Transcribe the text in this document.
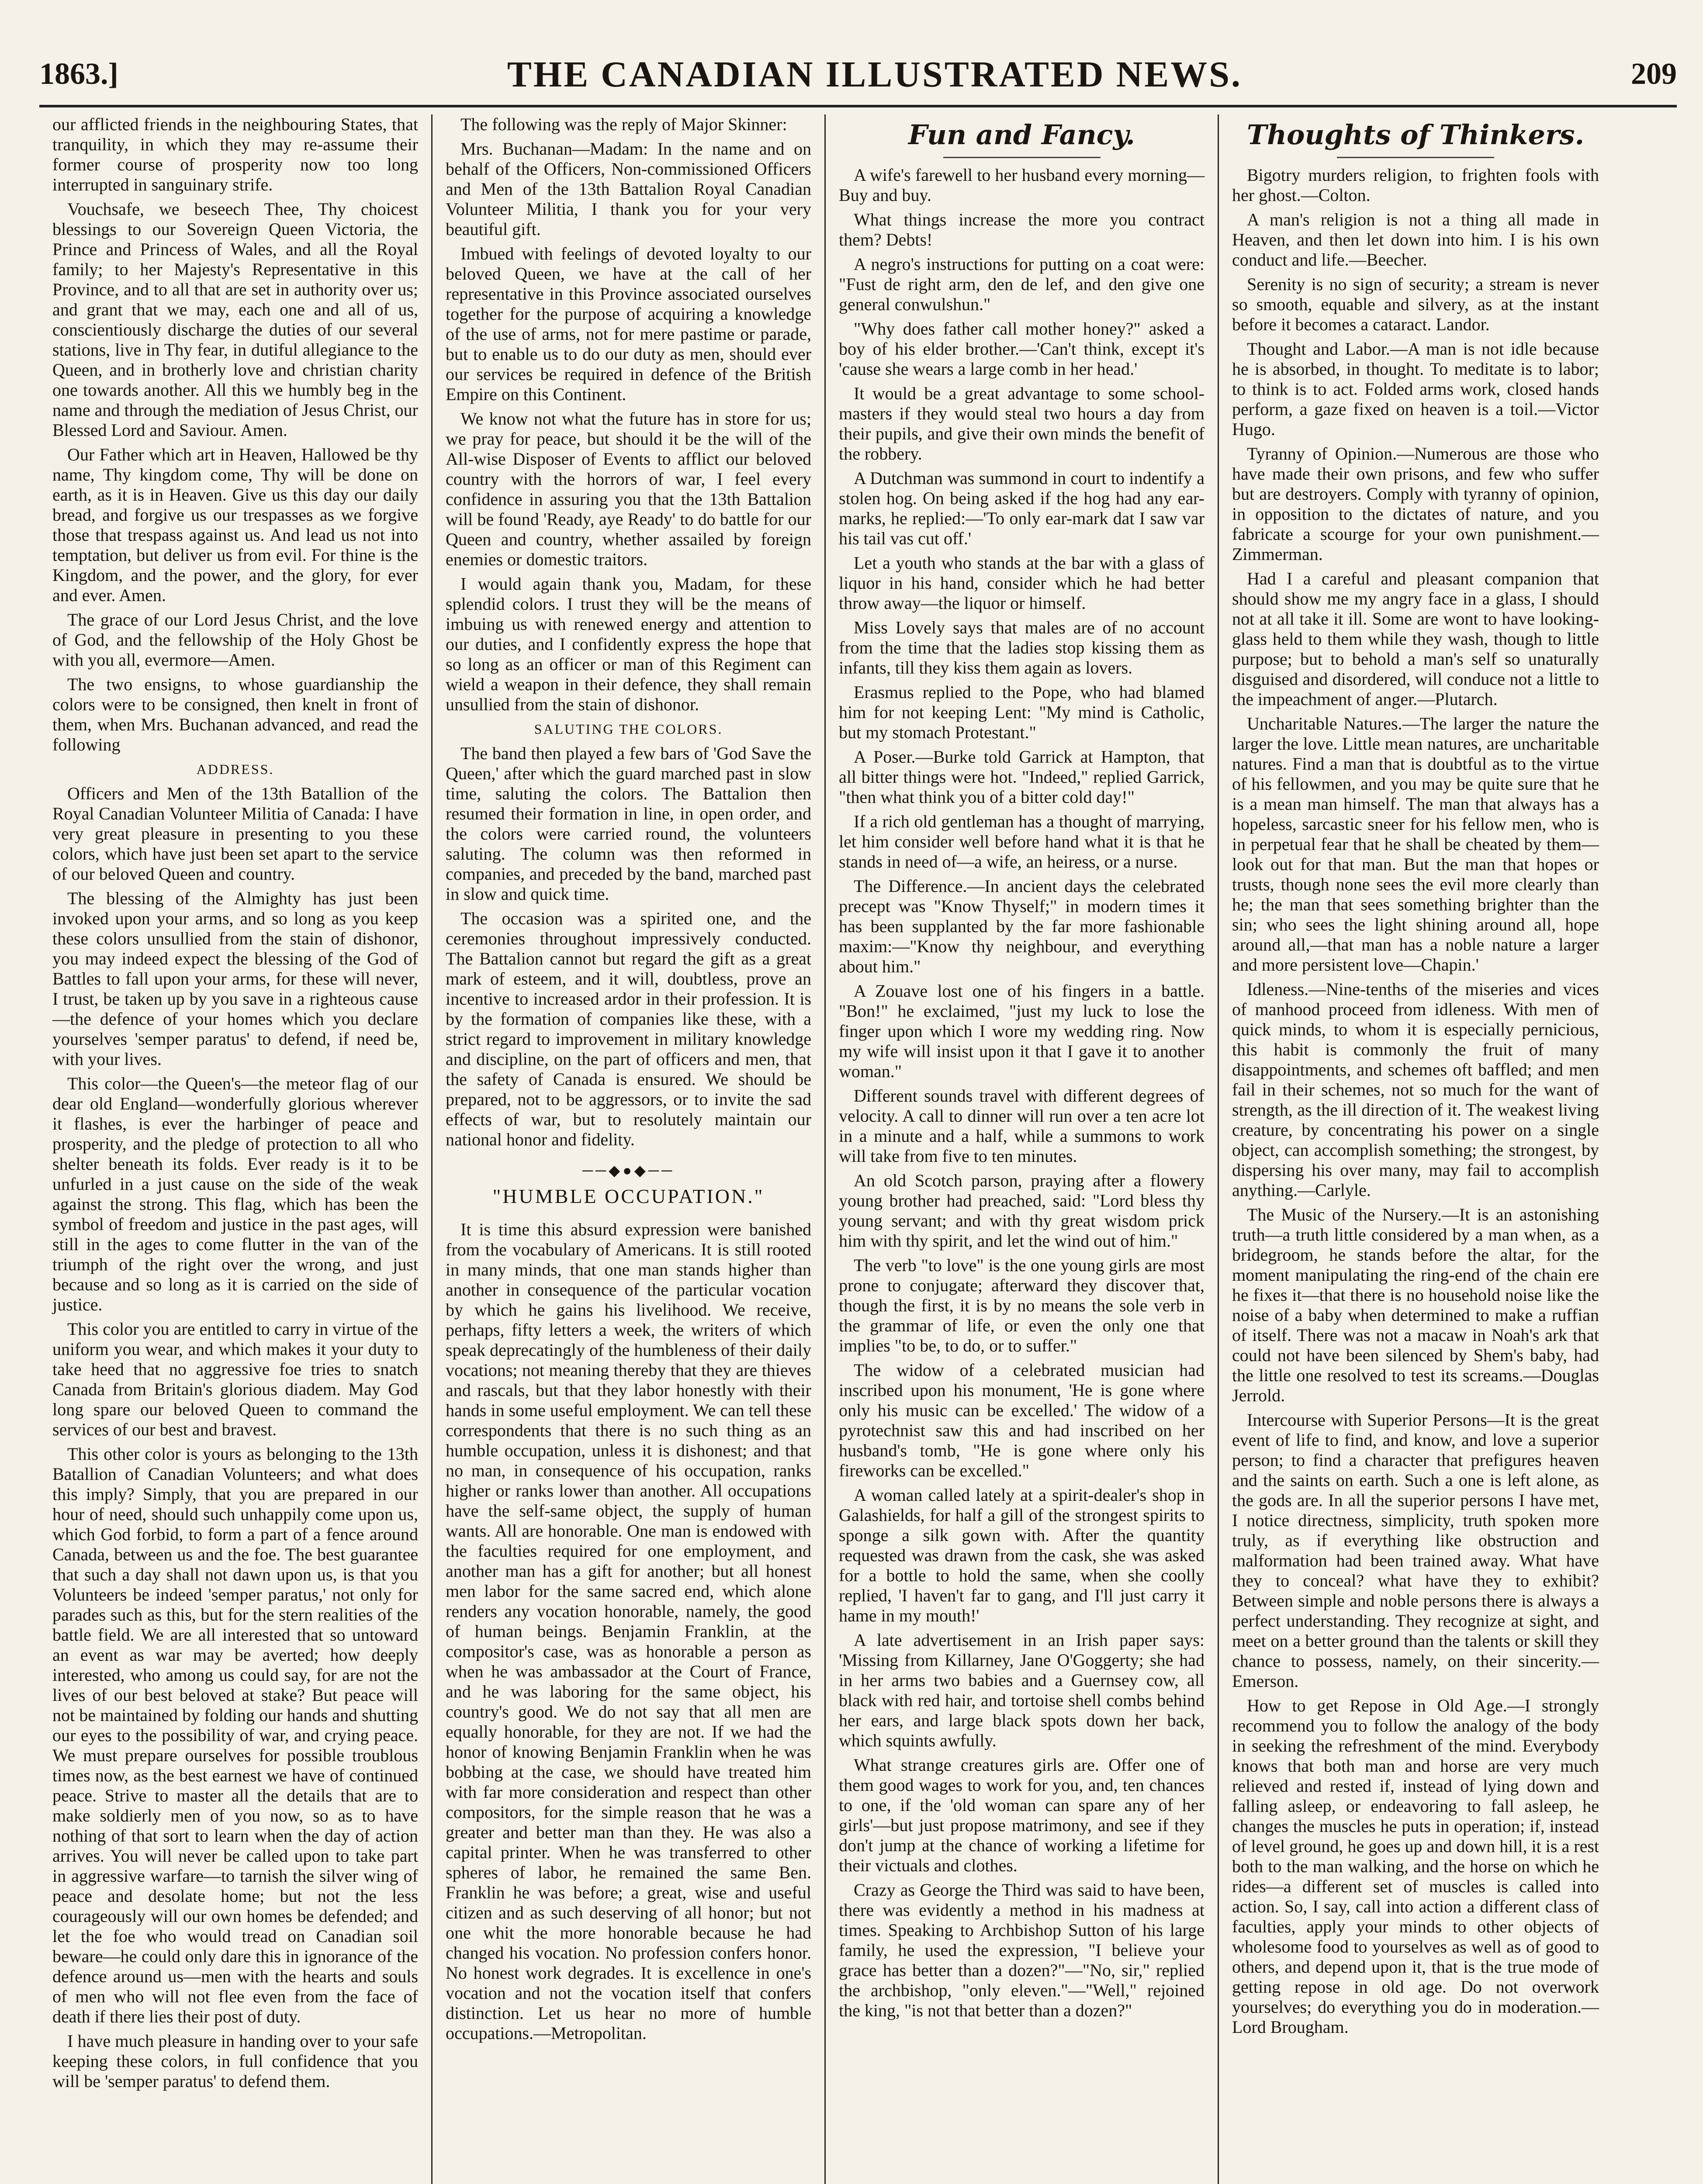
1863.]	THE CANADIAN ILLUSTRATED NEWS.	209

our afflicted friends in the neighbouring States, that tranquility, in which they may re-assume their former course of prosperity now too long interrupted in sanguinary strife.

Vouchsafe, we beseech Thee, Thy choicest blessings to our Sovereign Queen Victoria, the Prince and Princess of Wales, and all the Royal family; to her Majesty's Representative in this Province, and to all that are set in authority over us; and grant that we may, each one and all of us, conscientiously discharge the duties of our several stations, live in Thy fear, in dutiful allegiance to the Queen, and in brotherly love and christian charity one towards another. All this we humbly beg in the name and through the mediation of Jesus Christ, our Blessed Lord and Saviour. Amen.

Our Father which art in Heaven, Hallowed be thy name, Thy kingdom come, Thy will be done on earth, as it is in Heaven. Give us this day our daily bread, and forgive us our trespasses as we forgive those that trespass against us. And lead us not into temptation, but deliver us from evil. For thine is the Kingdom, and the power, and the glory, for ever and ever. Amen.

The grace of our Lord Jesus Christ, and the love of God, and the fellowship of the Holy Ghost be with you all, evermore—Amen.

The two ensigns, to whose guardianship the colors were to be consigned, then knelt in front of them, when Mrs. Buchanan advanced, and read the following

ADDRESS.

Officers and Men of the 13th Batallion of the Royal Canadian Volunteer Militia of Canada: I have very great pleasure in presenting to you these colors, which have just been set apart to the service of our beloved Queen and country.

The blessing of the Almighty has just been invoked upon your arms, and so long as you keep these colors unsullied from the stain of dishonor, you may indeed expect the blessing of the God of Battles to fall upon your arms, for these will never, I trust, be taken up by you save in a righteous cause—the defence of your homes which you declare yourselves 'semper paratus' to defend, if need be, with your lives.

This color—the Queen's—the meteor flag of our dear old England—wonderfully glorious wherever it flashes, is ever the harbinger of peace and prosperity, and the pledge of protection to all who shelter beneath its folds. Ever ready is it to be unfurled in a just cause on the side of the weak against the strong. This flag, which has been the symbol of freedom and justice in the past ages, will still in the ages to come flutter in the van of the triumph of the right over the wrong, and just because and so long as it is carried on the side of justice.

This color you are entitled to carry in virtue of the uniform you wear, and which makes it your duty to take heed that no aggressive foe tries to snatch Canada from Britain's glorious diadem. May God long spare our beloved Queen to command the services of our best and bravest.

This other color is yours as belonging to the 13th Batallion of Canadian Volunteers; and what does this imply? Simply, that you are prepared in our hour of need, should such unhappily come upon us, which God forbid, to form a part of a fence around Canada, between us and the foe. The best guarantee that such a day shall not dawn upon us, is that you Volunteers be indeed 'semper paratus,' not only for parades such as this, but for the stern realities of the battle field. We are all interested that so untoward an event as war may be averted; how deeply interested, who among us could say, for are not the lives of our best beloved at stake? But peace will not be maintained by folding our hands and shutting our eyes to the possibility of war, and crying peace. We must prepare ourselves for possible troublous times now, as the best earnest we have of continued peace. Strive to master all the details that are to make soldierly men of you now, so as to have nothing of that sort to learn when the day of action arrives. You will never be called upon to take part in aggressive warfare—to tarnish the silver wing of peace and desolate home; but not the less courageously will our own homes be defended; and let the foe who would tread on Canadian soil beware—he could only dare this in ignorance of the defence around us—men with the hearts and souls of men who will not flee even from the face of death if there lies their post of duty.

I have much pleasure in handing over to your safe keeping these colors, in full confidence that you will be 'semper paratus' to defend them.

The following was the reply of Major Skinner:

Mrs. Buchanan—Madam: In the name and on behalf of the Officers, Non-commissioned Officers and Men of the 13th Battalion Royal Canadian Volunteer Militia, I thank you for your very beautiful gift.

Imbued with feelings of devoted loyalty to our beloved Queen, we have at the call of her representative in this Province associated ourselves together for the purpose of acquiring a knowledge of the use of arms, not for mere pastime or parade, but to enable us to do our duty as men, should ever our services be required in defence of the British Empire on this Continent.

We know not what the future has in store for us; we pray for peace, but should it be the will of the All-wise Disposer of Events to afflict our beloved country with the horrors of war, I feel every confidence in assuring you that the 13th Battalion will be found 'Ready, aye Ready' to do battle for our Queen and country, whether assailed by foreign enemies or domestic traitors.

I would again thank you, Madam, for these splendid colors. I trust they will be the means of imbuing us with renewed energy and attention to our duties, and I confidently express the hope that so long as an officer or man of this Regiment can wield a weapon in their defence, they shall remain unsullied from the stain of dishonor.

SALUTING THE COLORS.

The band then played a few bars of 'God Save the Queen,' after which the guard marched past in slow time, saluting the colors. The Battalion then resumed their formation in line, in open order, and the colors were carried round, the volunteers saluting. The column was then reformed in companies, and preceded by the band, marched past in slow and quick time.

The occasion was a spirited one, and the ceremonies throughout impressively conducted. The Battalion cannot but regard the gift as a great mark of esteem, and it will, doubtless, prove an incentive to increased ardor in their profession. It is by the formation of companies like these, with a strict regard to improvement in military knowledge and discipline, on the part of officers and men, that the safety of Canada is ensured. We should be prepared, not to be aggressors, or to invite the sad effects of war, but to resolutely maintain our national honor and fidelity.

──◆●◆──

"HUMBLE OCCUPATION."

It is time this absurd expression were banished from the vocabulary of Americans. It is still rooted in many minds, that one man stands higher than another in consequence of the particular vocation by which he gains his livelihood. We receive, perhaps, fifty letters a week, the writers of which speak deprecatingly of the humbleness of their daily vocations; not meaning thereby that they are thieves and rascals, but that they labor honestly with their hands in some useful employment. We can tell these correspondents that there is no such thing as an humble occupation, unless it is dishonest; and that no man, in consequence of his occupation, ranks higher or ranks lower than another. All occupations have the self-same object, the supply of human wants. All are honorable. One man is endowed with the faculties required for one employment, and another man has a gift for another; but all honest men labor for the same sacred end, which alone renders any vocation honorable, namely, the good of human beings. Benjamin Franklin, at the compositor's case, was as honorable a person as when he was ambassador at the Court of France, and he was laboring for the same object, his country's good. We do not say that all men are equally honorable, for they are not. If we had the honor of knowing Benjamin Franklin when he was bobbing at the case, we should have treated him with far more consideration and respect than other compositors, for the simple reason that he was a greater and better man than they. He was also a capital printer. When he was transferred to other spheres of labor, he remained the same Ben. Franklin he was before; a great, wise and useful citizen and as such deserving of all honor; but not one whit the more honorable because he had changed his vocation. No profession confers honor. No honest work degrades. It is excellence in one's vocation and not the vocation itself that confers distinction. Let us hear no more of humble occupations.—Metropolitan.

Fun and Fancy.

A wife's farewell to her husband every morning—Buy and buy.

What things increase the more you contract them? Debts!

A negro's instructions for putting on a coat were: "Fust de right arm, den de lef, and den give one general conwulshun."

"Why does father call mother honey?" asked a boy of his elder brother.—'Can't think, except it's 'cause she wears a large comb in her head.'

It would be a great advantage to some school-masters if they would steal two hours a day from their pupils, and give their own minds the benefit of the robbery.

A Dutchman was summond in court to indentify a stolen hog. On being asked if the hog had any ear-marks, he replied:—'To only ear-mark dat I saw var his tail vas cut off.'

Let a youth who stands at the bar with a glass of liquor in his hand, consider which he had better throw away—the liquor or himself.

Miss Lovely says that males are of no account from the time that the ladies stop kissing them as infants, till they kiss them again as lovers.

Erasmus replied to the Pope, who had blamed him for not keeping Lent: "My mind is Catholic, but my stomach Protestant."

A Poser.—Burke told Garrick at Hampton, that all bitter things were hot. "Indeed," replied Garrick, "then what think you of a bitter cold day!"

If a rich old gentleman has a thought of marrying, let him consider well before hand what it is that he stands in need of—a wife, an heiress, or a nurse.

The Difference.—In ancient days the celebrated precept was "Know Thyself;" in modern times it has been supplanted by the far more fashionable maxim:—"Know thy neighbour, and everything about him."

A Zouave lost one of his fingers in a battle. "Bon!" he exclaimed, "just my luck to lose the finger upon which I wore my wedding ring. Now my wife will insist upon it that I gave it to another woman."

Different sounds travel with different degrees of velocity. A call to dinner will run over a ten acre lot in a minute and a half, while a summons to work will take from five to ten minutes.

An old Scotch parson, praying after a flowery young brother had preached, said: "Lord bless thy young servant; and with thy great wisdom prick him with thy spirit, and let the wind out of him."

The verb "to love" is the one young girls are most prone to conjugate; afterward they discover that, though the first, it is by no means the sole verb in the grammar of life, or even the only one that implies "to be, to do, or to suffer."

The widow of a celebrated musician had inscribed upon his monument, 'He is gone where only his music can be excelled.' The widow of a pyrotechnist saw this and had inscribed on her husband's tomb, "He is gone where only his fireworks can be excelled."

A woman called lately at a spirit-dealer's shop in Galashields, for half a gill of the strongest spirits to sponge a silk gown with. After the quantity requested was drawn from the cask, she was asked for a bottle to hold the same, when she coolly replied, 'I haven't far to gang, and I'll just carry it hame in my mouth!'

A late advertisement in an Irish paper says: 'Missing from Killarney, Jane O'Goggerty; she had in her arms two babies and a Guernsey cow, all black with red hair, and tortoise shell combs behind her ears, and large black spots down her back, which squints awfully.

What strange creatures girls are. Offer one of them good wages to work for you, and, ten chances to one, if the 'old woman can spare any of her girls'—but just propose matrimony, and see if they don't jump at the chance of working a lifetime for their victuals and clothes.

Crazy as George the Third was said to have been, there was evidently a method in his madness at times. Speaking to Archbishop Sutton of his large family, he used the expression, "I believe your grace has better than a dozen?"—"No, sir," replied the archbishop, "only eleven."—"Well," rejoined the king, "is not that better than a dozen?"

Thoughts of Thinkers.

Bigotry murders religion, to frighten fools with her ghost.—Colton.

A man's religion is not a thing all made in Heaven, and then let down into him. I is his own conduct and life.—Beecher.

Serenity is no sign of security; a stream is never so smooth, equable and silvery, as at the instant before it becomes a cataract. Landor.

Thought and Labor.—A man is not idle because he is absorbed, in thought. To meditate is to labor; to think is to act. Folded arms work, closed hands perform, a gaze fixed on heaven is a toil.—Victor Hugo.

Tyranny of Opinion.—Numerous are those who have made their own prisons, and few who suffer but are destroyers. Comply with tyranny of opinion, in opposition to the dictates of nature, and you fabricate a scourge for your own punishment.—Zimmerman.

Had I a careful and pleasant companion that should show me my angry face in a glass, I should not at all take it ill. Some are wont to have looking-glass held to them while they wash, though to little purpose; but to behold a man's self so unaturally disguised and disordered, will conduce not a little to the impeachment of anger.—Plutarch.

Uncharitable Natures.—The larger the nature the larger the love. Little mean natures, are uncharitable natures. Find a man that is doubtful as to the virtue of his fellowmen, and you may be quite sure that he is a mean man himself. The man that always has a hopeless, sarcastic sneer for his fellow men, who is in perpetual fear that he shall be cheated by them—look out for that man. But the man that hopes or trusts, though none sees the evil more clearly than he; the man that sees something brighter than the sin; who sees the light shining around all, hope around all,—that man has a noble nature a larger and more persistent love—Chapin.'

Idleness.—Nine-tenths of the miseries and vices of manhood proceed from idleness. With men of quick minds, to whom it is especially pernicious, this habit is commonly the fruit of many disappointments, and schemes oft baffled; and men fail in their schemes, not so much for the want of strength, as the ill direction of it. The weakest living creature, by concentrating his power on a single object, can accomplish something; the strongest, by dispersing his over many, may fail to accomplish anything.—Carlyle.

The Music of the Nursery.—It is an astonishing truth—a truth little considered by a man when, as a bridegroom, he stands before the altar, for the moment manipulating the ring-end of the chain ere he fixes it—that there is no household noise like the noise of a baby when determined to make a ruffian of itself. There was not a macaw in Noah's ark that could not have been silenced by Shem's baby, had the little one resolved to test its screams.—Douglas Jerrold.

Intercourse with Superior Persons—It is the great event of life to find, and know, and love a superior person; to find a character that prefigures heaven and the saints on earth. Such a one is left alone, as the gods are. In all the superior persons I have met, I notice directness, simplicity, truth spoken more truly, as if everything like obstruction and malformation had been trained away. What have they to conceal? what have they to exhibit? Between simple and noble persons there is always a perfect understanding. They recognize at sight, and meet on a better ground than the talents or skill they chance to possess, namely, on their sincerity.—Emerson.

How to get Repose in Old Age.—I strongly recommend you to follow the analogy of the body in seeking the refreshment of the mind. Everybody knows that both man and horse are very much relieved and rested if, instead of lying down and falling asleep, or endeavoring to fall asleep, he changes the muscles he puts in operation; if, instead of level ground, he goes up and down hill, it is a rest both to the man walking, and the horse on which he rides—a different set of muscles is called into action. So, I say, call into action a different class of faculties, apply your minds to other objects of wholesome food to yourselves as well as of good to others, and depend upon it, that is the true mode of getting repose in old age. Do not overwork yourselves; do everything you do in moderation.—Lord Brougham.
